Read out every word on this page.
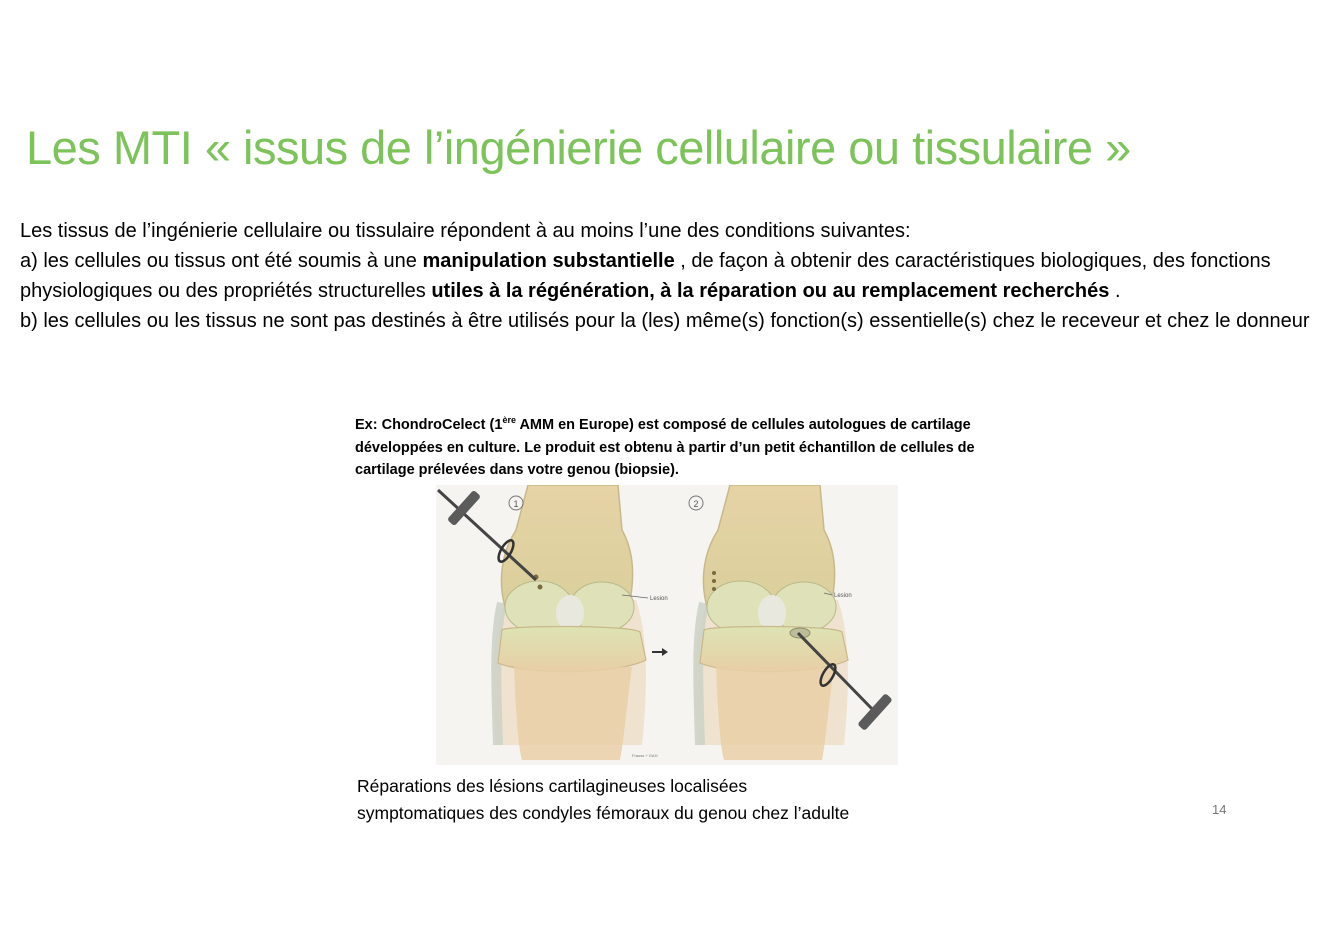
Les MTI « issus de l’ingénierie cellulaire ou tissulaire »

Les tissus de l’ingénierie cellulaire ou tissulaire répondent à au moins l’une des conditions suivantes:

a) les cellules ou tissus ont été soumis à une manipulation substantielle , de façon à obtenir des caractéristiques biologiques, des fonctions physiologiques ou des propriétés structurelles utiles à la régénération, à la réparation ou au remplacement recherchés .

b) les cellules ou les tissus ne sont pas destinés à être utilisés pour la (les) même(s) fonction(s) essentielle(s) chez le receveur et chez le donneur

Ex: ChondroCelect (1ère AMM en Europe) est composé de cellules autologues de cartilage développées en culture. Le produit est obtenu à partir d’un petit échantillon de cellules de cartilage prélevées dans votre genou (biopsie).
1
Lesion
2
Lesion
Frauss + GAH
Réparations des lésions cartilagineuses localisées
symptomatiques des condyles fémoraux du genou chez l’adulte	14
